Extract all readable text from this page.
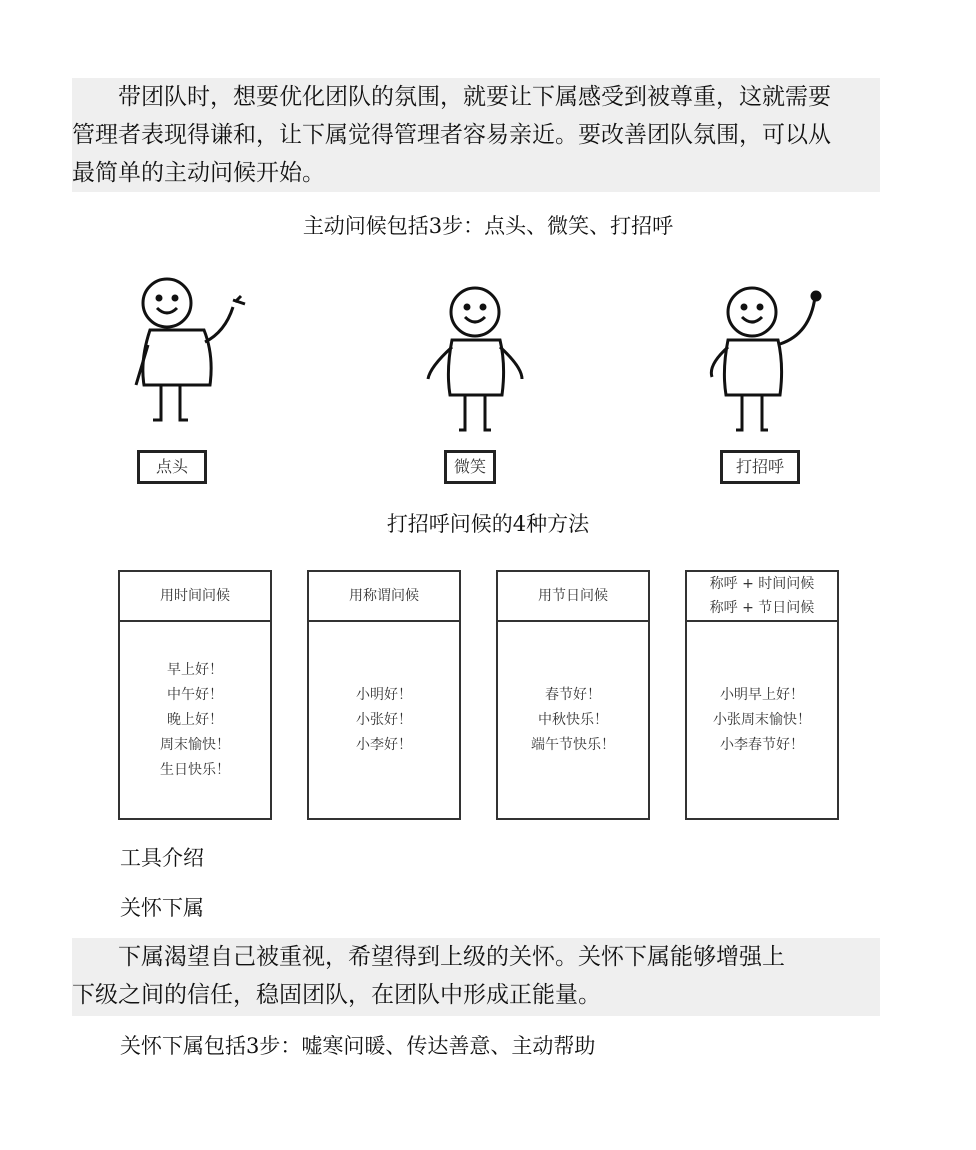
　　带团队时，想要优化团队的氛围，就要让下属感受到被尊重，这就需要
管理者表现得谦和，让下属觉得管理者容易亲近。要改善团队氛围，可以从
最简单的主动问候开始。
主动问候包括3步：点头、微笑、打招呼
点头	微笑	打招呼
打招呼问候的4种方法
用时间问候
早上好！
中午好！
晚上好！
周末愉快！
生日快乐！
用称谓问候
小明好！
小张好！
小李好！
用节日问候
春节好！
中秋快乐！
端午节快乐！
称呼 + 时间问候
称呼 + 节日问候
小明早上好！
小张周末愉快！
小李春节好！
工具介绍
关怀下属
　　下属渴望自己被重视，希望得到上级的关怀。关怀下属能够增强上
下级之间的信任，稳固团队，在团队中形成正能量。
关怀下属包括3步：嘘寒问暖、传达善意、主动帮助
